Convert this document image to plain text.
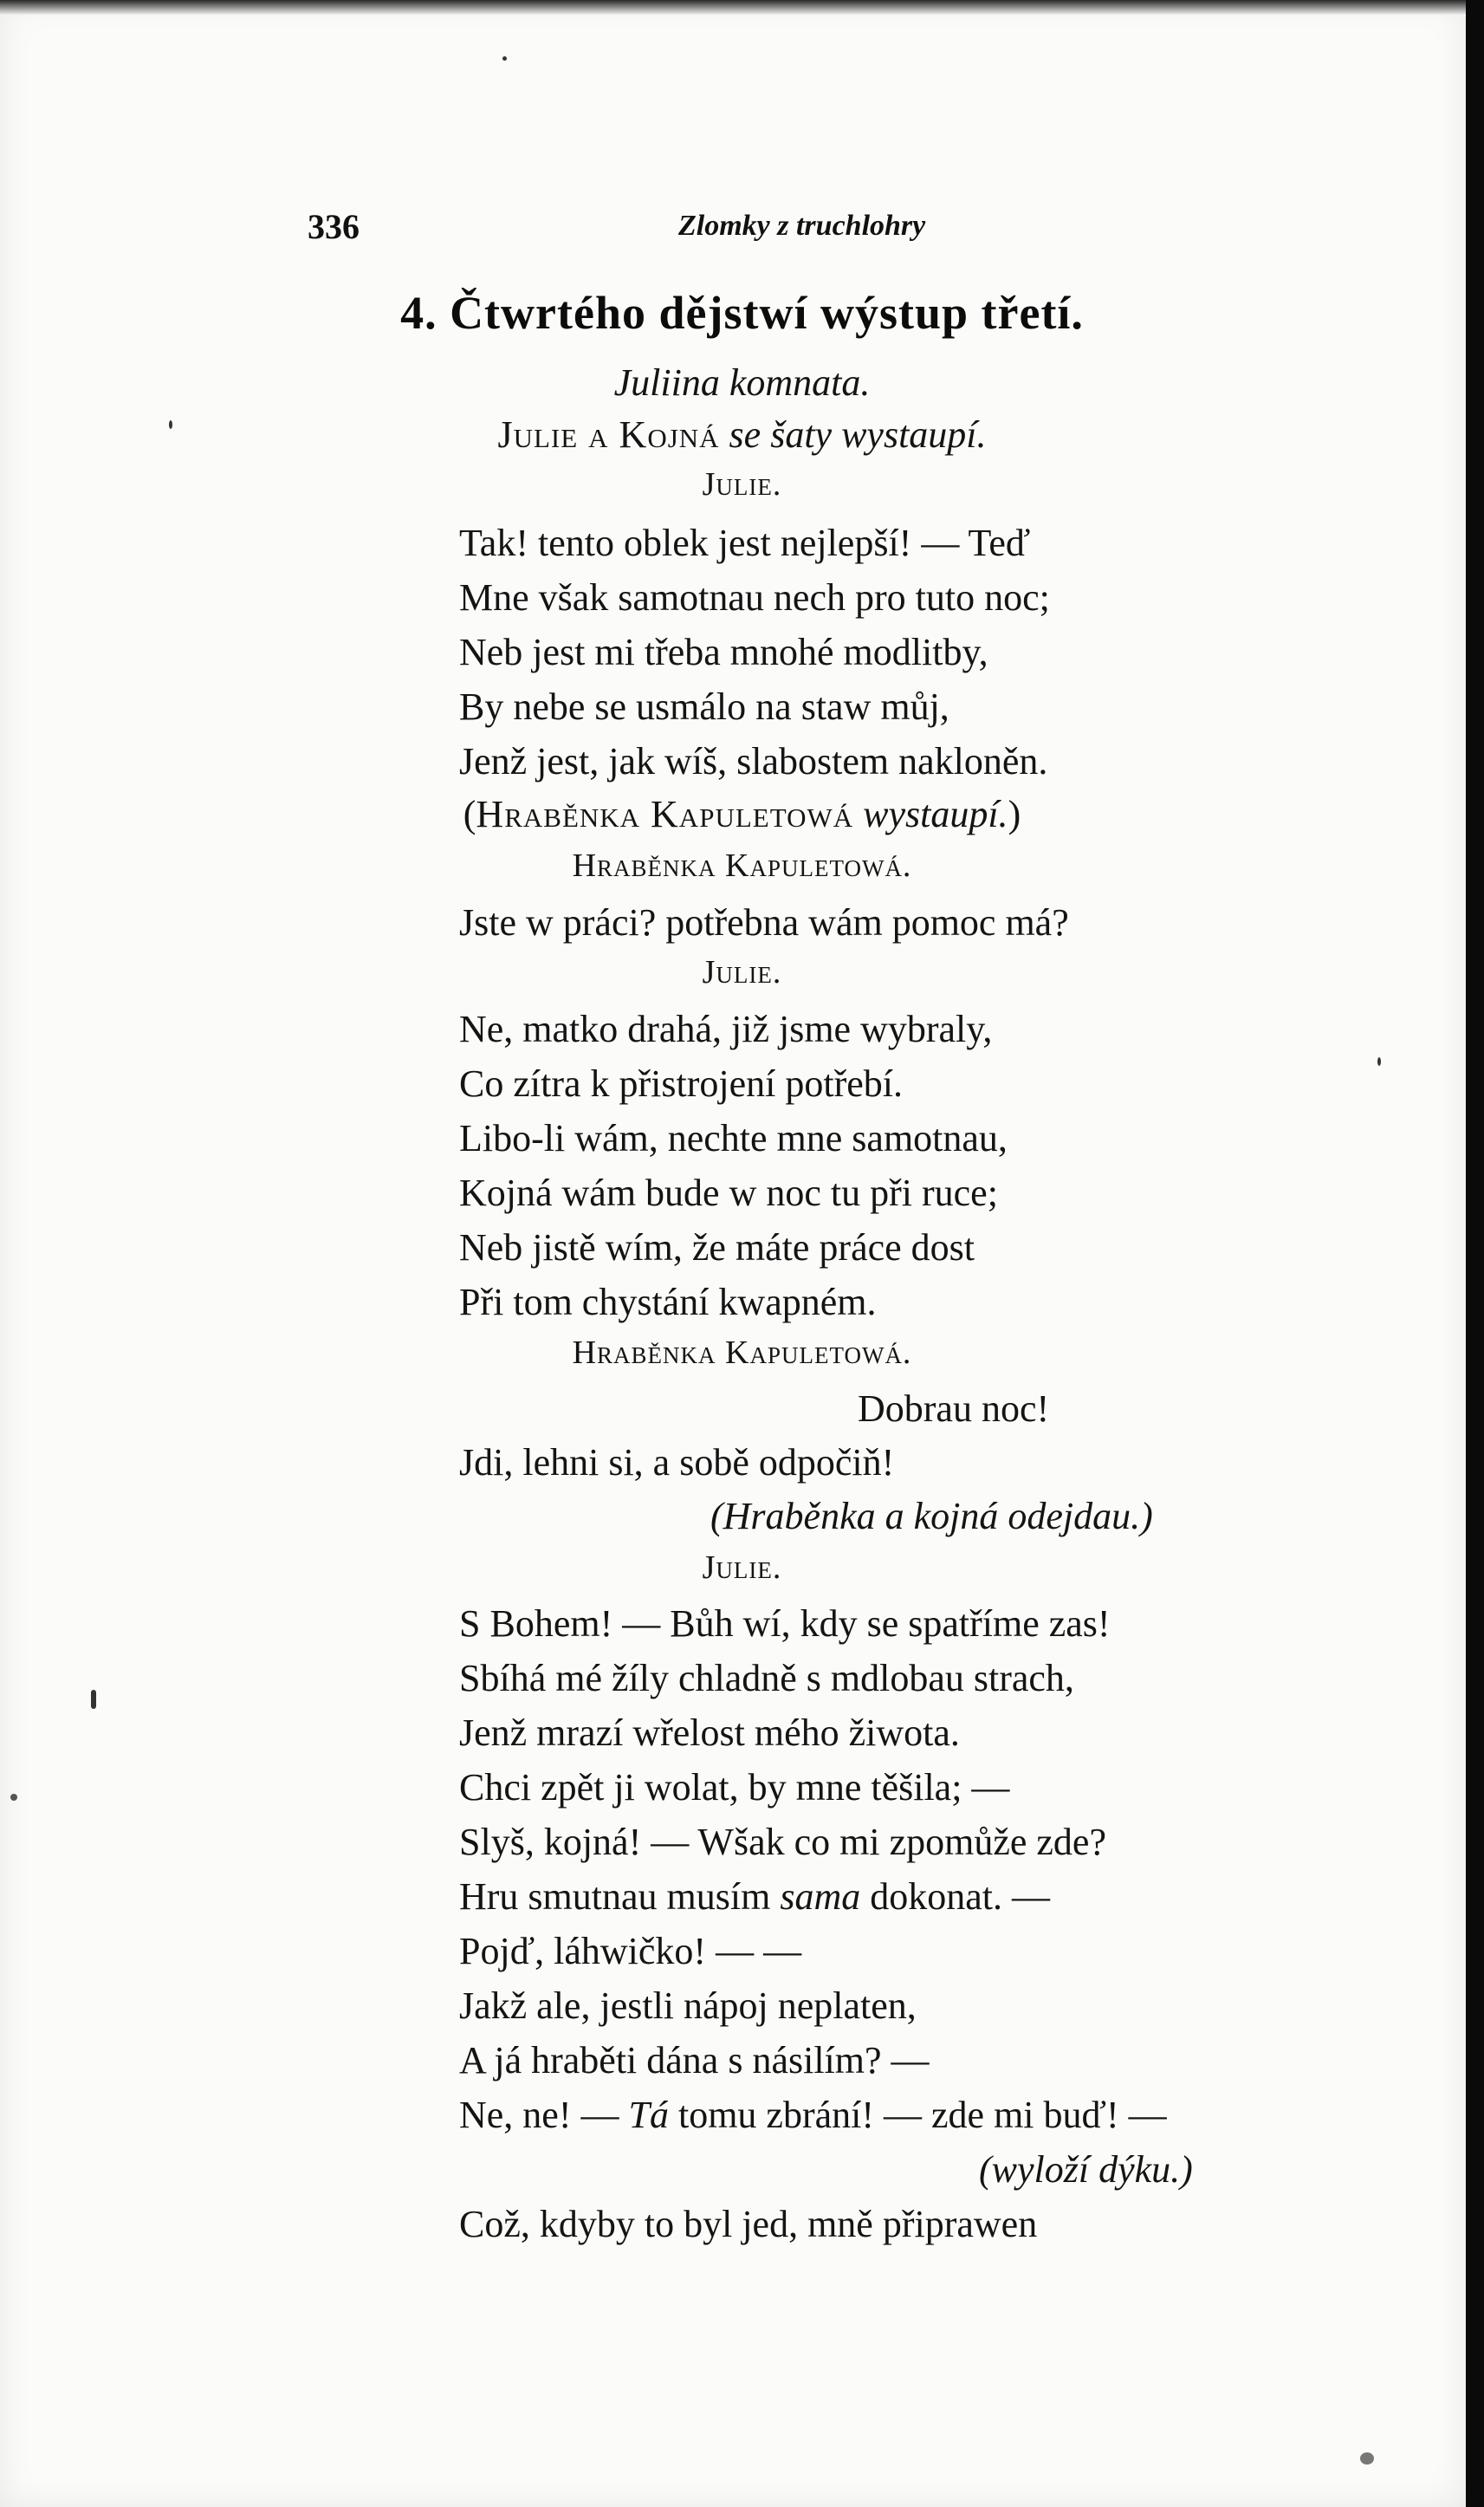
336	Zlomky z truchlohry
4. Čtwrtého dějstwí wýstup třetí.
Juliina komnata.
Julie a Kojná se šaty wystaupí.
Julie.
Tak! tento oblek jest nejlepší! — Teď
Mne však samotnau nech pro tuto noc;
Neb jest mi třeba mnohé modlitby,
By nebe se usmálo na staw můj,
Jenž jest, jak wíš, slabostem nakloněn.
(Hraběnka Kapuletowá wystaupí.)
Hraběnka Kapuletowá.
Jste w práci? potřebna wám pomoc má?
Julie.
Ne, matko drahá, již jsme wybraly,
Co zítra k přistrojení potřebí.
Libo-li wám, nechte mne samotnau,
Kojná wám bude w noc tu při ruce;
Neb jistě wím, že máte práce dost
Při tom chystání kwapném.
Hraběnka Kapuletowá.
Dobrau noc!
Jdi, lehni si, a sobě odpočiň!
(Hraběnka a kojná odejdau.)
Julie.
S Bohem! — Bůh wí, kdy se spatříme zas!
Sbíhá mé žíly chladně s mdlobau strach,
Jenž mrazí wřelost mého žiwota.
Chci zpět ji wolat, by mne těšila; —
Slyš, kojná! — Wšak co mi zpomůže zde?
Hru smutnau musím sama dokonat. —
Pojď, láhwičko! — —
Jakž ale, jestli nápoj neplaten,
A já hraběti dána s násilím? —
Ne, ne! — Tá tomu zbrání! — zde mi buď! —
(wyloží dýku.)
Což, kdyby to byl jed, mně připrawen
